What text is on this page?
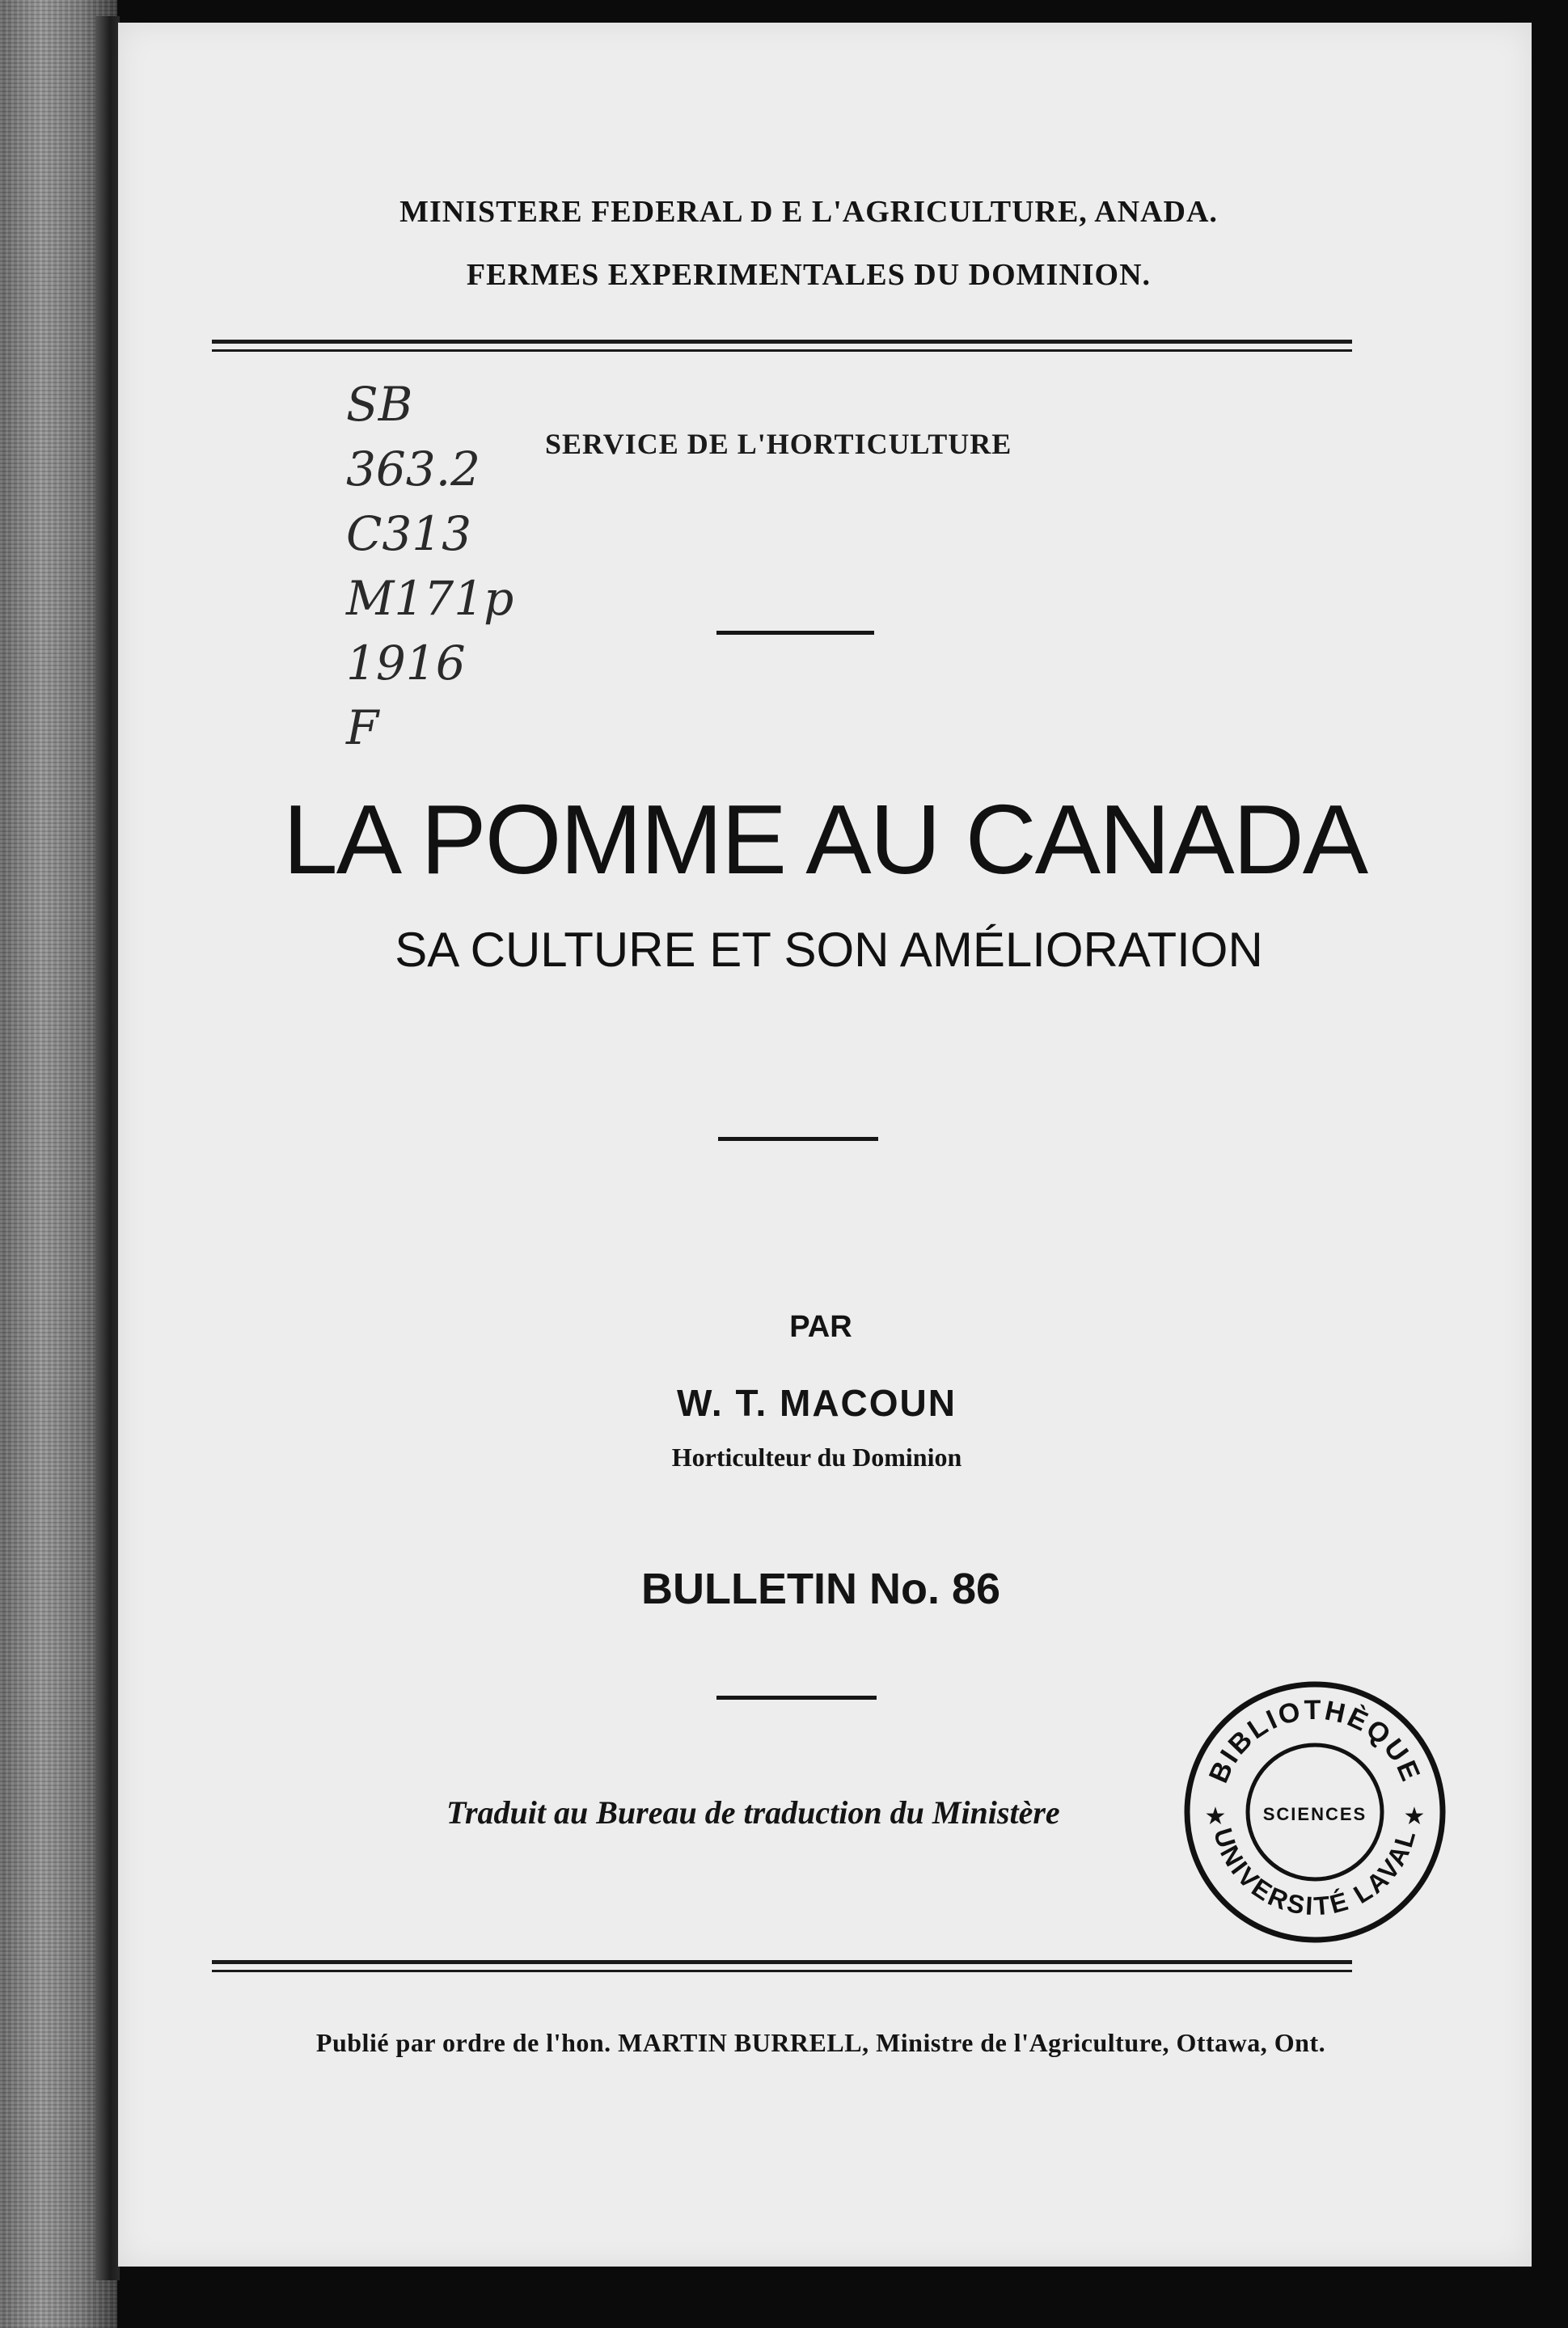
MINISTERE FEDERAL D E L'AGRICULTURE, ANADA.
FERMES EXPERIMENTALES DU DOMINION.
SB
363.2
C313
M171p
1916
F
SERVICE DE L'HORTICULTURE
LA POMME AU CANADA
SA CULTURE ET SON AMÉLIORATION
PAR
W. T. MACOUN
Horticulteur du Dominion
BULLETIN No. 86
Traduit au Bureau de traduction du Ministère
BIBLIOTHÈQUE
UNIVERSITÉ LAVAL
SCIENCES
★	★
Publié par ordre de l'hon. MARTIN BURRELL, Ministre de l'Agriculture, Ottawa, Ont.
